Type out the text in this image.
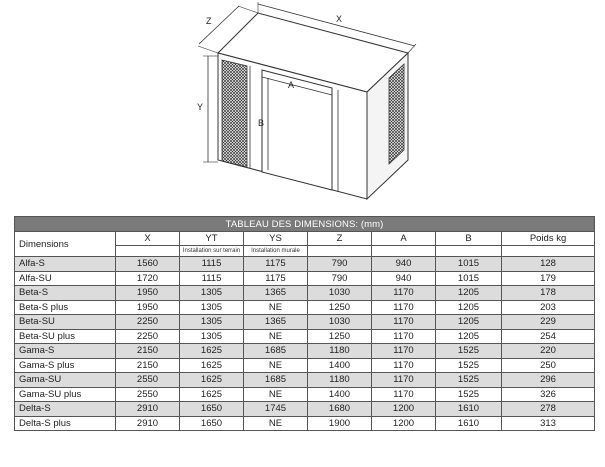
X
Z
Y
A
B
TABLEAU DES DIMENSIONS: (mm)							
Dimensions	X	YT	YS	Z	A	B	Poids kg
		Installation sur terrain	Installation murale				
Alfa-S	1560	1115	1175	790	940	1015	128
Alfa-SU	1720	1115	1175	790	940	1015	179
Beta-S	1950	1305	1365	1030	1170	1205	178
Beta-S plus	1950	1305	NE	1250	1170	1205	203
Beta-SU	2250	1305	1365	1030	1170	1205	229
Beta-SU plus	2250	1305	NE	1250	1170	1205	254
Gama-S	2150	1625	1685	1180	1170	1525	220
Gama-S plus	2150	1625	NE	1400	1170	1525	250
Gama-SU	2550	1625	1685	1180	1170	1525	296
Gama-SU plus	2550	1625	NE	1400	1170	1525	326
Delta-S	2910	1650	1745	1680	1200	1610	278
Delta-S plus	2910	1650	NE	1900	1200	1610	313
